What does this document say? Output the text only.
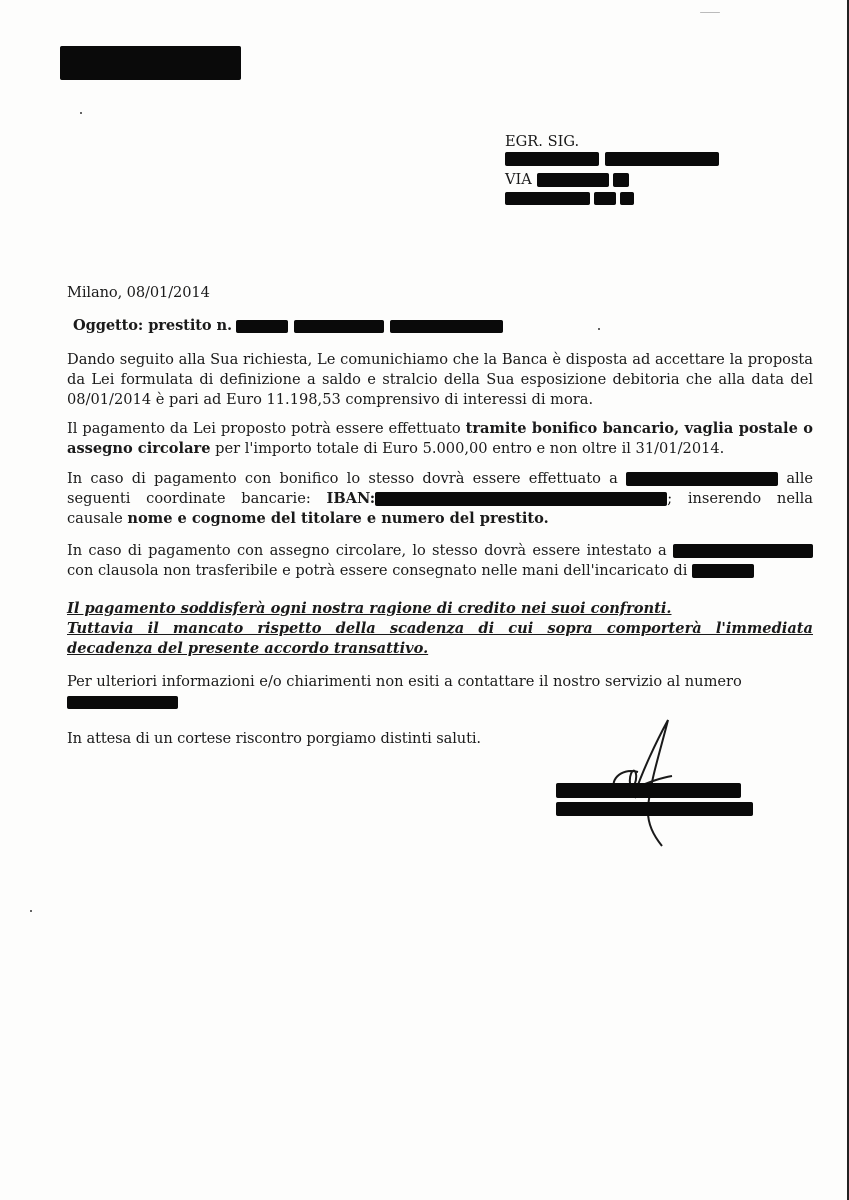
EGR. SIG.
VIA
Milano, 08/01/2014
Oggetto: prestito n.
Dando seguito alla Sua richiesta, Le comunichiamo che la Banca è disposta ad accettare la proposta da Lei formulata di definizione a saldo e stralcio della Sua esposizione debitoria che alla data del 08/01/2014 è pari ad Euro 11.198,53 comprensivo di interessi di mora.
Il pagamento da Lei proposto potrà essere effettuato tramite bonifico bancario, vaglia postale o assegno circolare per l'importo totale di Euro 5.000,00 entro e non oltre il 31/01/2014.
In caso di pagamento con bonifico lo stesso dovrà essere effettuato a	alle seguenti coordinate bancarie: IBAN:	; inserendo nella causale nome e cognome del titolare e numero del prestito.
In caso di pagamento con assegno circolare, lo stesso dovrà essere intestato a  con clausola non trasferibile e potrà essere consegnato nelle mani dell'incaricato di
Il pagamento soddisferà ogni nostra ragione di credito nei suoi confronti.
Tuttavia il mancato rispetto della scadenza di cui sopra comporterà l'immediata decadenza del presente accordo transattivo.
Per ulteriori informazioni e/o chiarimenti non esiti a contattare il nostro servizio al numero
In attesa di un cortese riscontro porgiamo distinti saluti.
